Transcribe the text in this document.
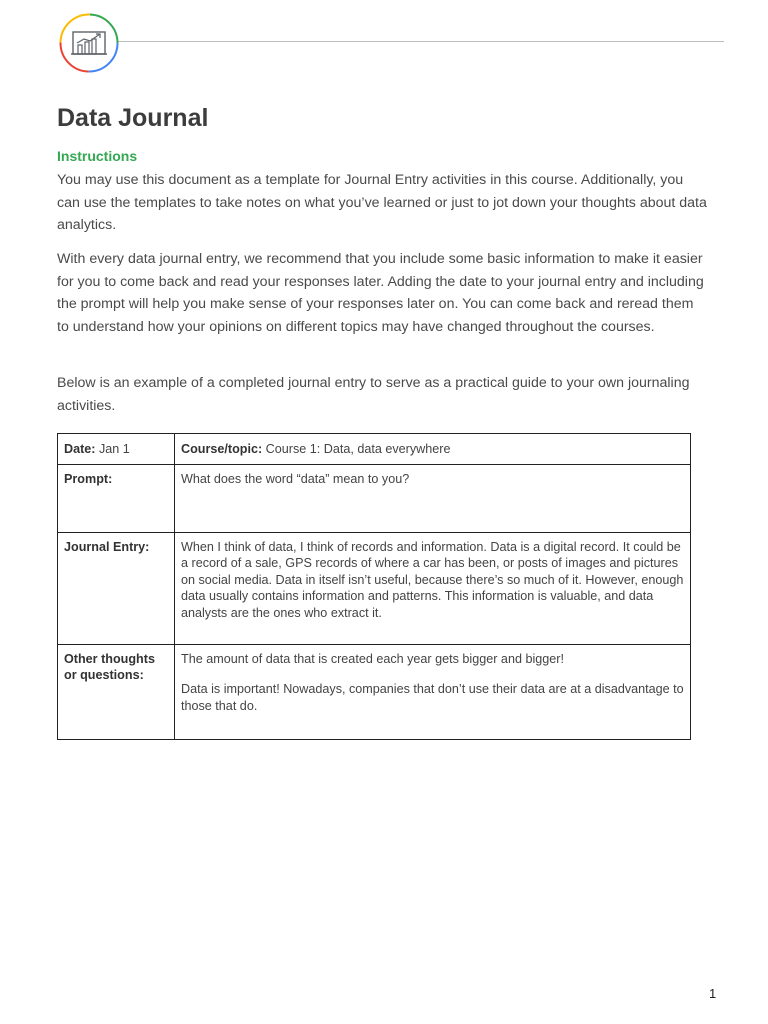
Data Journal
Instructions

You may use this document as a template for Journal Entry activities in this course. Additionally, you can use the templates to take notes on what you’ve learned or just to jot down your thoughts about data analytics.

With every data journal entry, we recommend that you include some basic information to make it easier for you to come back and read your responses later. Adding the date to your journal entry and including the prompt will help you make sense of your responses later on. You can come back and reread them to understand how your opinions on different topics may have changed throughout the courses.

Below is an example of a completed journal entry to serve as a practical guide to your own journaling activities.

Date: Jan 1	Course/topic: Course 1: Data, data everywhere
Prompt:	What does the word “data” mean to you?
Journal Entry:	When I think of data, I think of records and information. Data is a digital record. It could be a record of a sale, GPS records of where a car has been, or posts of images and pictures on social media. Data in itself isn’t useful, because there’s so much of it. However, enough data usually contains information and patterns. This information is valuable, and data analysts are the ones who extract it.

Other thoughts or questions:	The amount of data that is created each year gets bigger and bigger!

Data is important! Nowadays, companies that don’t use their data are at a disadvantage to those that do.

1
